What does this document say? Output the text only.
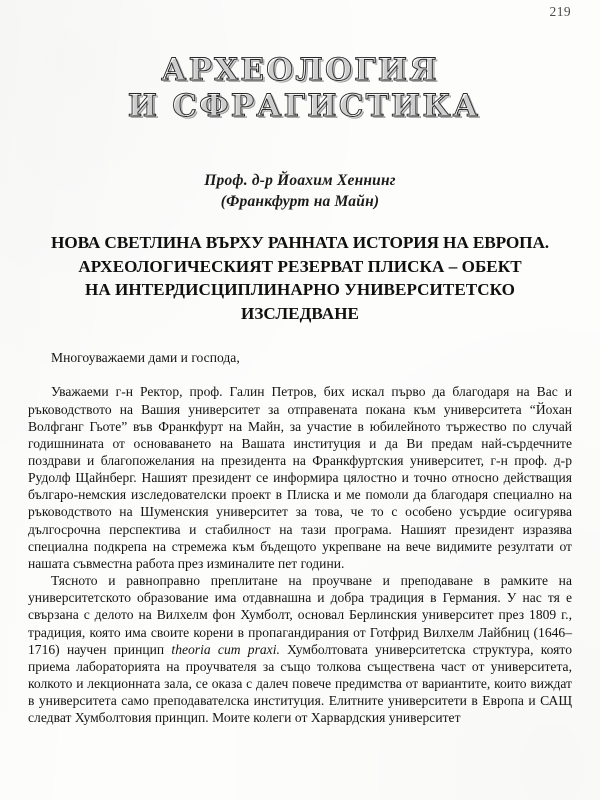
219
АРХЕОЛОГИЯ
И СФРАГИСТИКА
Проф. д-р Йоахим Хеннинг
(Франкфурт на Майн)
НОВА СВЕТЛИНА ВЪРХУ РАННАТА ИСТОРИЯ НА ЕВРОПА.
АРХЕОЛОГИЧЕСКИЯТ РЕЗЕРВАТ ПЛИСКА – ОБЕКТ
НА ИНТЕРДИСЦИПЛИНАРНО УНИВЕРСИТЕТСКО
ИЗСЛЕДВАНЕ

Многоуважаеми дами и господа,

Уважаеми г-н Ректор, проф. Галин Петров, бих искал първо да благодаря на Вас и ръководството на Вашия университет за отправената покана към университета “Йохан Волфганг Гьоте” във Франкфурт на Майн, за участие в юбилейното тържество по случай годишнината от основаването на Вашата институция и да Ви предам най-сърдечните поздрави и благопожелания на президента на Франкфуртския университет, г-н проф. д-р Рудолф Щайнберг. Нашият президент се информира цялостно и точно относно действащия българо-немския изследователски проект в Плиска и ме помоли да благодаря специално на ръководството на Шуменския университет за това, че то с особено усърдие осигурява дългосрочна перспектива и стабилност на тази програма. Нашият президент изразява специална подкрепа на стремежа към бъдещото укрепване на вече видимите резултати от нашата съвместна работа през изминалите пет години.

Тясното и равноправно преплитане на проучване и преподаване в рамките на университетското образование има отдавнашна и добра традиция в Германия. У нас тя е свързана с делото на Вилхелм фон Хумболт, основал Берлинския университет през 1809 г., традиция, която има своите корени в пропагандирания от Готфрид Вилхелм Лайбниц (1646–1716) научен принцип theoria cum praxi. Хумболтовата университетска структура, която приема лабораторията на проучвателя за също толкова съществена част от университета, колкото и лекционната зала, се оказа с далеч повече предимства от вариантите, които виждат в университета само преподавателска институция. Елитните университети в Европа и САЩ следват Хумболтовия принцип. Моите колеги от Харвардския университет
